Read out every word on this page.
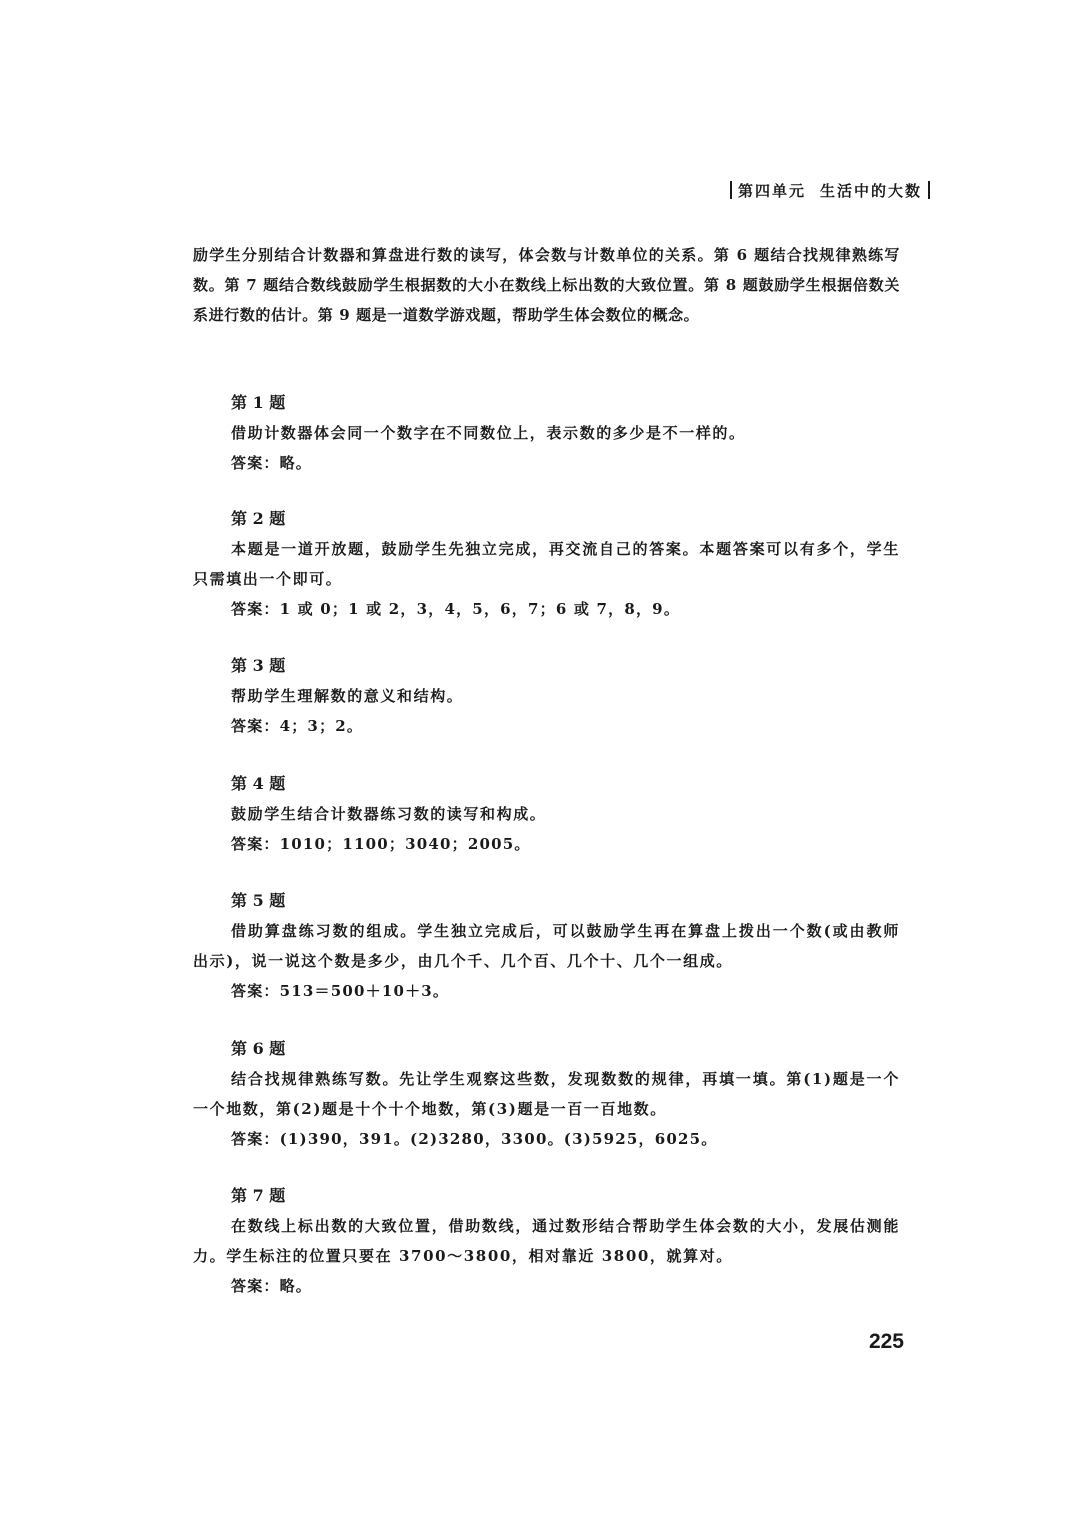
第四单元 生活中的大数
励学生分别结合计数器和算盘进行数的读写，体会数与计数单位的关系。第 6 题结合找规律熟练写数。第 7 题结合数线鼓励学生根据数的大小在数线上标出数的大致位置。第 8 题鼓励学生根据倍数关系进行数的估计。第 9 题是一道数学游戏题，帮助学生体会数位的概念。
第 1 题
借助计数器体会同一个数字在不同数位上，表示数的多少是不一样的。
答案：略。
第 2 题
本题是一道开放题，鼓励学生先独立完成，再交流自己的答案。本题答案可以有多个，学生只需填出一个即可。
答案：1 或 0；1 或 2，3，4，5，6，7；6 或 7，8，9。
第 3 题
帮助学生理解数的意义和结构。
答案：4；3；2。
第 4 题
鼓励学生结合计数器练习数的读写和构成。
答案：1010；1100；3040；2005。
第 5 题
借助算盘练习数的组成。学生独立完成后，可以鼓励学生再在算盘上拨出一个数(或由教师出示)，说一说这个数是多少，由几个千、几个百、几个十、几个一组成。
答案：513＝500＋10＋3。
第 6 题
结合找规律熟练写数。先让学生观察这些数，发现数数的规律，再填一填。第(1)题是一个一个地数，第(2)题是十个十个地数，第(3)题是一百一百地数。
答案：(1)390，391。(2)3280，3300。(3)5925，6025。
第 7 题
在数线上标出数的大致位置，借助数线，通过数形结合帮助学生体会数的大小，发展估测能力。学生标注的位置只要在 3700～3800，相对靠近 3800，就算对。
答案：略。
225
